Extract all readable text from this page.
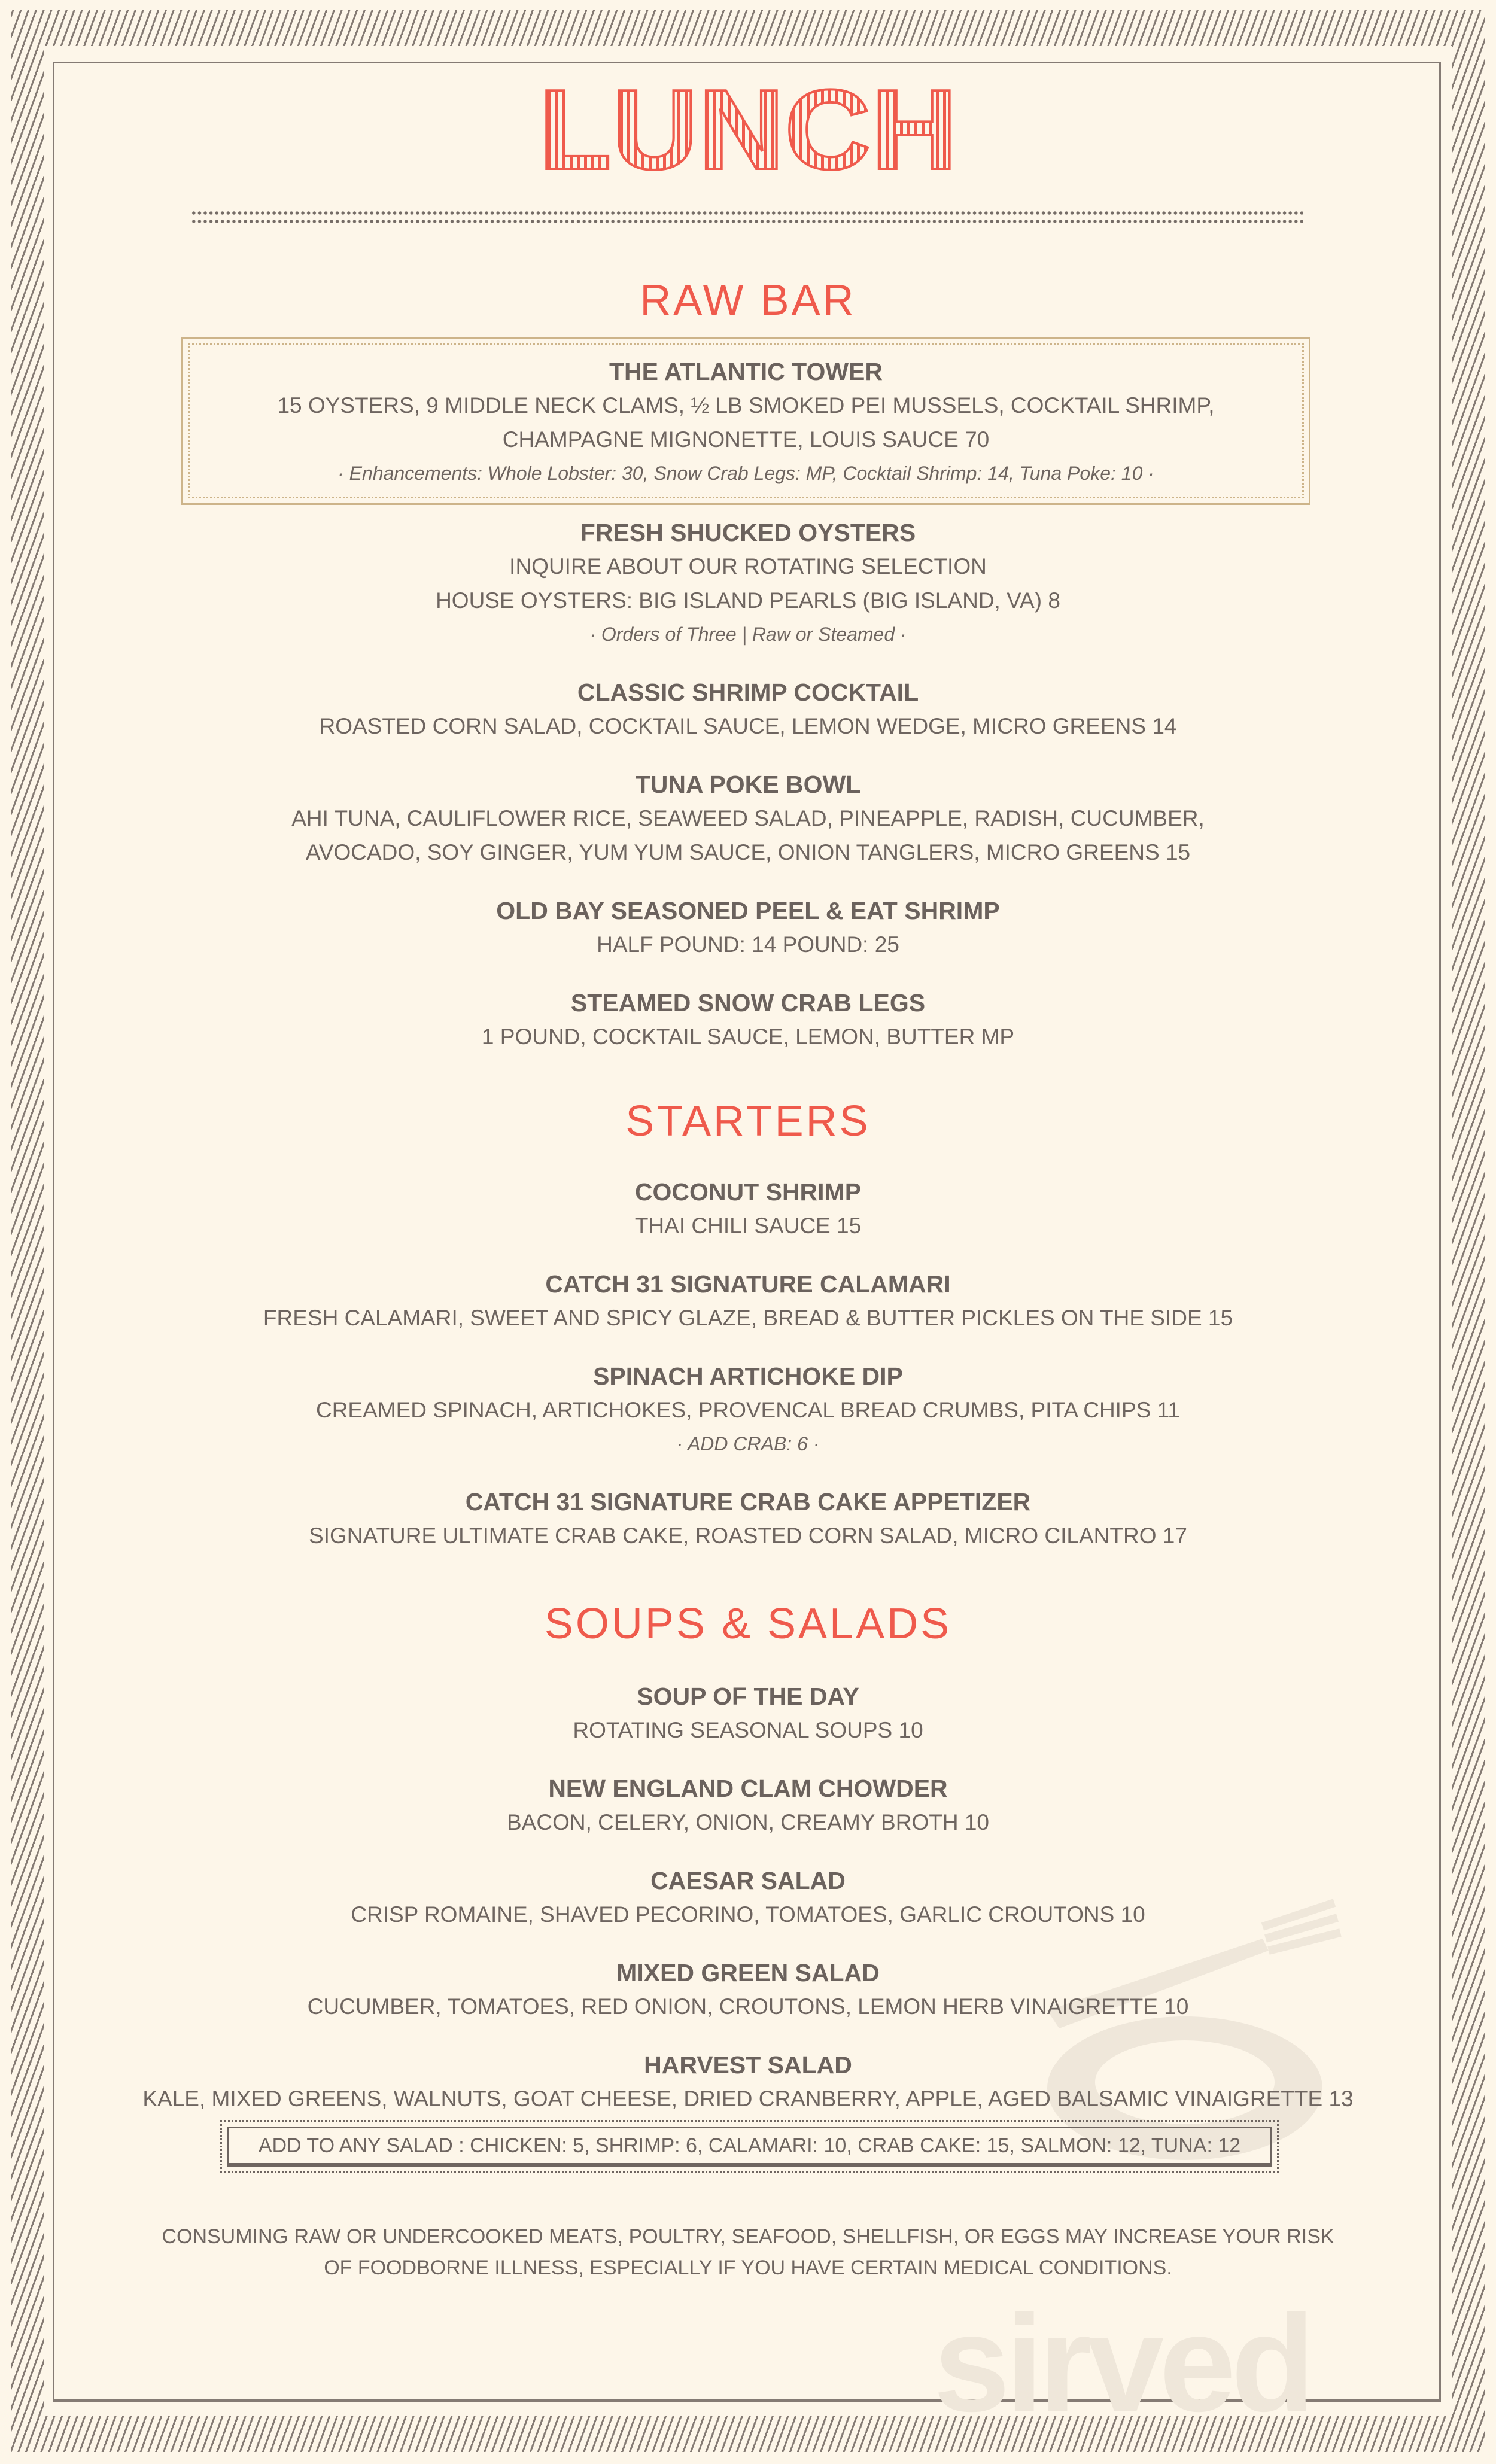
sirved
LUNCH
RAW BAR
THE ATLANTIC TOWER
15 OYSTERS, 9 MIDDLE NECK CLAMS, ½ LB SMOKED PEI MUSSELS, COCKTAIL SHRIMP,
CHAMPAGNE MIGNONETTE, LOUIS SAUCE 70
· Enhancements: Whole Lobster: 30, Snow Crab Legs: MP, Cocktail Shrimp: 14, Tuna Poke: 10 ·
FRESH SHUCKED OYSTERS
INQUIRE ABOUT OUR ROTATING SELECTION
HOUSE OYSTERS: BIG ISLAND PEARLS (BIG ISLAND, VA) 8
· Orders of Three | Raw or Steamed ·
CLASSIC SHRIMP COCKTAIL
ROASTED CORN SALAD, COCKTAIL SAUCE, LEMON WEDGE, MICRO GREENS 14
TUNA POKE BOWL
AHI TUNA, CAULIFLOWER RICE, SEAWEED SALAD, PINEAPPLE, RADISH, CUCUMBER,
AVOCADO, SOY GINGER, YUM YUM SAUCE, ONION TANGLERS, MICRO GREENS 15
OLD BAY SEASONED PEEL & EAT SHRIMP
HALF POUND: 14 POUND: 25
STEAMED SNOW CRAB LEGS
1 POUND, COCKTAIL SAUCE, LEMON, BUTTER MP
STARTERS
COCONUT SHRIMP
THAI CHILI SAUCE 15
CATCH 31 SIGNATURE CALAMARI
FRESH CALAMARI, SWEET AND SPICY GLAZE, BREAD & BUTTER PICKLES ON THE SIDE 15
SPINACH ARTICHOKE DIP
CREAMED SPINACH, ARTICHOKES, PROVENCAL BREAD CRUMBS, PITA CHIPS 11
· ADD CRAB: 6 ·
CATCH 31 SIGNATURE CRAB CAKE APPETIZER
SIGNATURE ULTIMATE CRAB CAKE, ROASTED CORN SALAD, MICRO CILANTRO 17
SOUPS & SALADS
SOUP OF THE DAY
ROTATING SEASONAL SOUPS 10
NEW ENGLAND CLAM CHOWDER
BACON, CELERY, ONION, CREAMY BROTH 10
CAESAR SALAD
CRISP ROMAINE, SHAVED PECORINO, TOMATOES, GARLIC CROUTONS 10
MIXED GREEN SALAD
CUCUMBER, TOMATOES, RED ONION, CROUTONS, LEMON HERB VINAIGRETTE 10
HARVEST SALAD
KALE, MIXED GREENS, WALNUTS, GOAT CHEESE, DRIED CRANBERRY, APPLE, AGED BALSAMIC VINAIGRETTE 13
ADD TO ANY SALAD : CHICKEN: 5, SHRIMP: 6, CALAMARI: 10, CRAB CAKE: 15, SALMON: 12, TUNA: 12
CONSUMING RAW OR UNDERCOOKED MEATS, POULTRY, SEAFOOD, SHELLFISH, OR EGGS MAY INCREASE YOUR RISK
OF FOODBORNE ILLNESS, ESPECIALLY IF YOU HAVE CERTAIN MEDICAL CONDITIONS.
